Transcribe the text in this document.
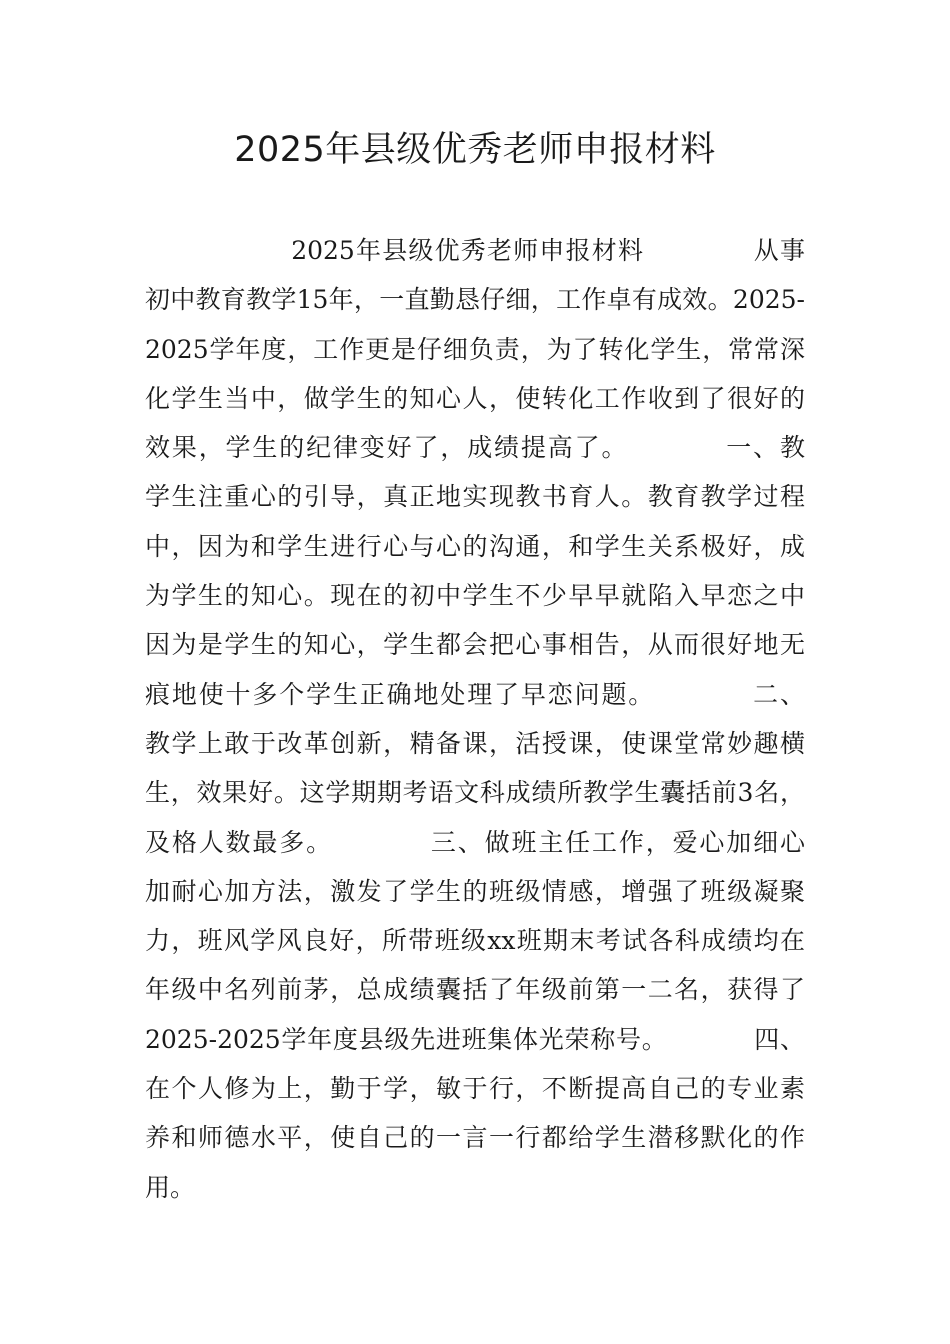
2025年县级优秀老师申报材料
2025年县级优秀老师申报材料            从事
初中教育教学15年，一直勤恳仔细，工作卓有成效。2025-
2025学年度，工作更是仔细负责，为了转化学生，常常深
化学生当中，做学生的知心人，使转化工作收到了很好的
效果，学生的纪律变好了，成绩提高了。          一、教
学生注重心的引导，真正地实现教书育人。教育教学过程
中，因为和学生进行心与心的沟通，和学生关系极好，成
为学生的知心。现在的初中学生不少早早就陷入早恋之中
因为是学生的知心，学生都会把心事相告，从而很好地无
痕地使十多个学生正确地处理了早恋问题。          二、
教学上敢于改革创新，精备课，活授课，使课堂常妙趣横
生，效果好。这学期期考语文科成绩所教学生囊括前3名，
及格人数最多。          三、做班主任工作，爱心加细心
加耐心加方法，激发了学生的班级情感，增强了班级凝聚
力，班风学风良好，所带班级xx班期末考试各科成绩均在
年级中名列前茅，总成绩囊括了年级前第一二名，获得了
2025-2025学年度县级先进班集体光荣称号。          四、
在个人修为上，勤于学，敏于行，不断提高自己的专业素
养和师德水平，使自己的一言一行都给学生潜移默化的作
用。
